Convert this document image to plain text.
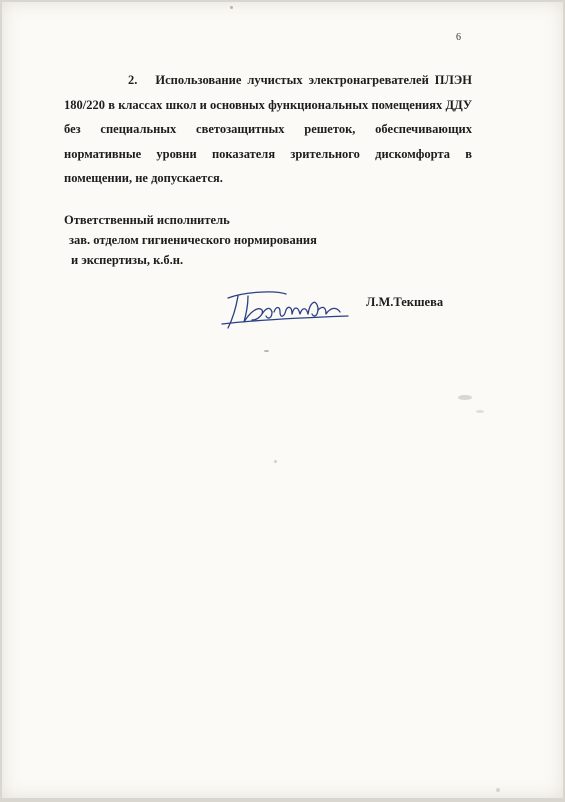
6

2. Использование лучистых электронагревателей ПЛЭН 180/220 в классах школ и основных функциональных помещениях ДДУ без специальных светозащитных решеток, обеспечивающих нормативные уровни показателя зрительного дискомфорта в помещении, не допускается.

Ответственный исполнитель
зав. отделом гигиенического нормирования
и экспертизы, к.б.н.
Л.М.Текшева
